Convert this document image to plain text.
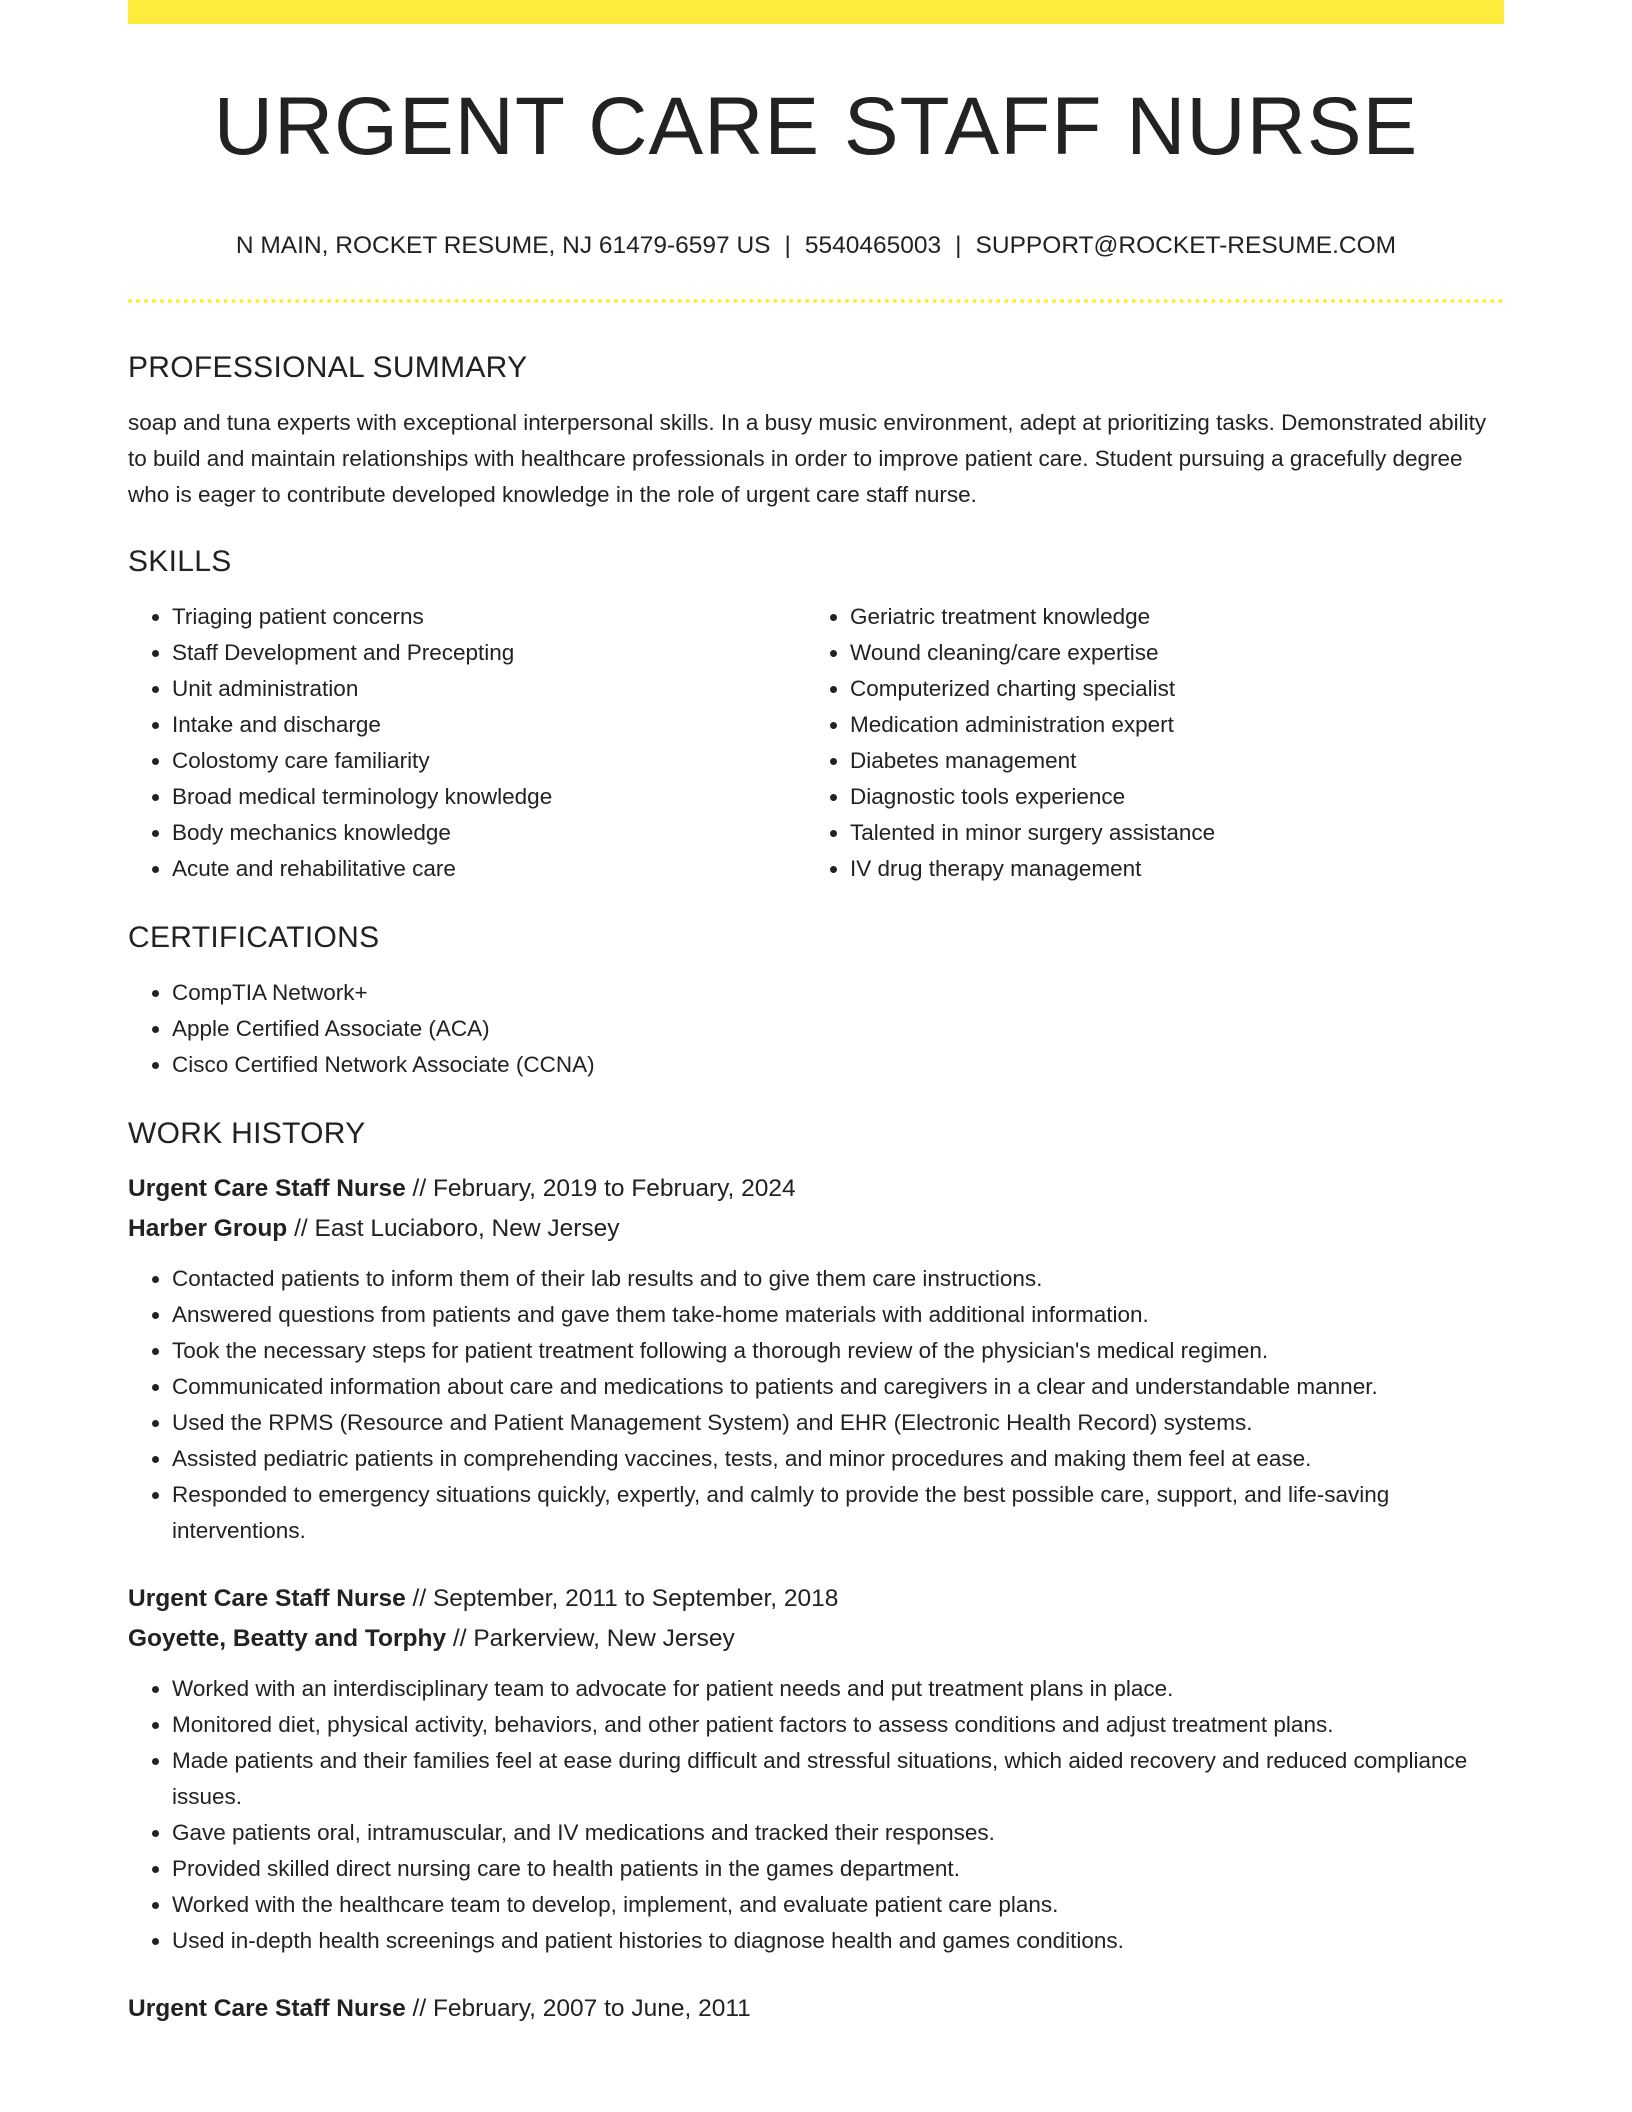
URGENT CARE STAFF NURSE
N MAIN, ROCKET RESUME, NJ 61479-6597 US | 5540465003 | SUPPORT@ROCKET-RESUME.COM
PROFESSIONAL SUMMARY

soap and tuna experts with exceptional interpersonal skills. In a busy music environment, adept at prioritizing tasks. Demonstrated ability to build and maintain relationships with healthcare professionals in order to improve patient care. Student pursuing a gracefully degree who is eager to contribute developed knowledge in the role of urgent care staff nurse.

SKILLS
• Triaging patient concerns
• Staff Development and Precepting
• Unit administration
• Intake and discharge
• Colostomy care familiarity
• Broad medical terminology knowledge
• Body mechanics knowledge
• Acute and rehabilitative care
• Geriatric treatment knowledge
• Wound cleaning/care expertise
• Computerized charting specialist
• Medication administration expert
• Diabetes management
• Diagnostic tools experience
• Talented in minor surgery assistance
• IV drug therapy management
CERTIFICATIONS
• CompTIA Network+
• Apple Certified Associate (ACA)
• Cisco Certified Network Associate (CCNA)
WORK HISTORY
Urgent Care Staff Nurse // February, 2019 to February, 2024
Harber Group // East Luciaboro, New Jersey
• Contacted patients to inform them of their lab results and to give them care instructions.
• Answered questions from patients and gave them take-home materials with additional information.
• Took the necessary steps for patient treatment following a thorough review of the physician's medical regimen.
• Communicated information about care and medications to patients and caregivers in a clear and understandable manner.
• Used the RPMS (Resource and Patient Management System) and EHR (Electronic Health Record) systems.
• Assisted pediatric patients in comprehending vaccines, tests, and minor procedures and making them feel at ease.
• Responded to emergency situations quickly, expertly, and calmly to provide the best possible care, support, and life-saving interventions.
Urgent Care Staff Nurse // September, 2011 to September, 2018
Goyette, Beatty and Torphy // Parkerview, New Jersey
• Worked with an interdisciplinary team to advocate for patient needs and put treatment plans in place.
• Monitored diet, physical activity, behaviors, and other patient factors to assess conditions and adjust treatment plans.
• Made patients and their families feel at ease during difficult and stressful situations, which aided recovery and reduced compliance issues.
• Gave patients oral, intramuscular, and IV medications and tracked their responses.
• Provided skilled direct nursing care to health patients in the games department.
• Worked with the healthcare team to develop, implement, and evaluate patient care plans.
• Used in-depth health screenings and patient histories to diagnose health and games conditions.
Urgent Care Staff Nurse // February, 2007 to June, 2011
